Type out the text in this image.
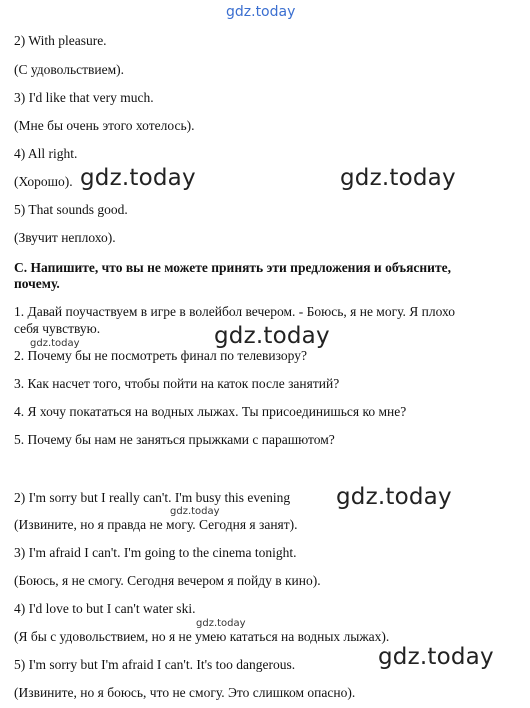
gdz.today
2) With pleasure.
(С удовольствием).
3) I'd like that very much.
(Мне бы очень этого хотелось).
4) All right.
(Хорошо).
5) That sounds good.
(Звучит неплохо).
С. Напишите, что вы не можете принять эти предложения и объясните,
почему.
1. Давай поучаствуем в игре в волейбол вечером. - Боюсь, я не могу. Я плохо
себя чувствую.
2. Почему бы не посмотреть финал по телевизору?
3. Как насчет того, чтобы пойти на каток после занятий?
4. Я хочу покататься на водных лыжах. Ты присоединишься ко мне?
5. Почему бы нам не заняться прыжками с парашютом?
2) I'm sorry but I really can't. I'm busy this evening
(Извините, но я правда не могу. Сегодня я занят).
3) I'm afraid I can't. I'm going to the cinema tonight.
(Боюсь, я не смогу. Сегодня вечером я пойду в кино).
4) I'd love to but I can't water ski.
(Я бы с удовольствием, но я не умею кататься на водных лыжах).
5) I'm sorry but I'm afraid I can't. It's too dangerous.
(Извините, но я боюсь, что не смогу. Это слишком опасно).
gdz.today	gdz.today
gdz.today
gdz.today
gdz.today
gdz.today
gdz.today
gdz.today
